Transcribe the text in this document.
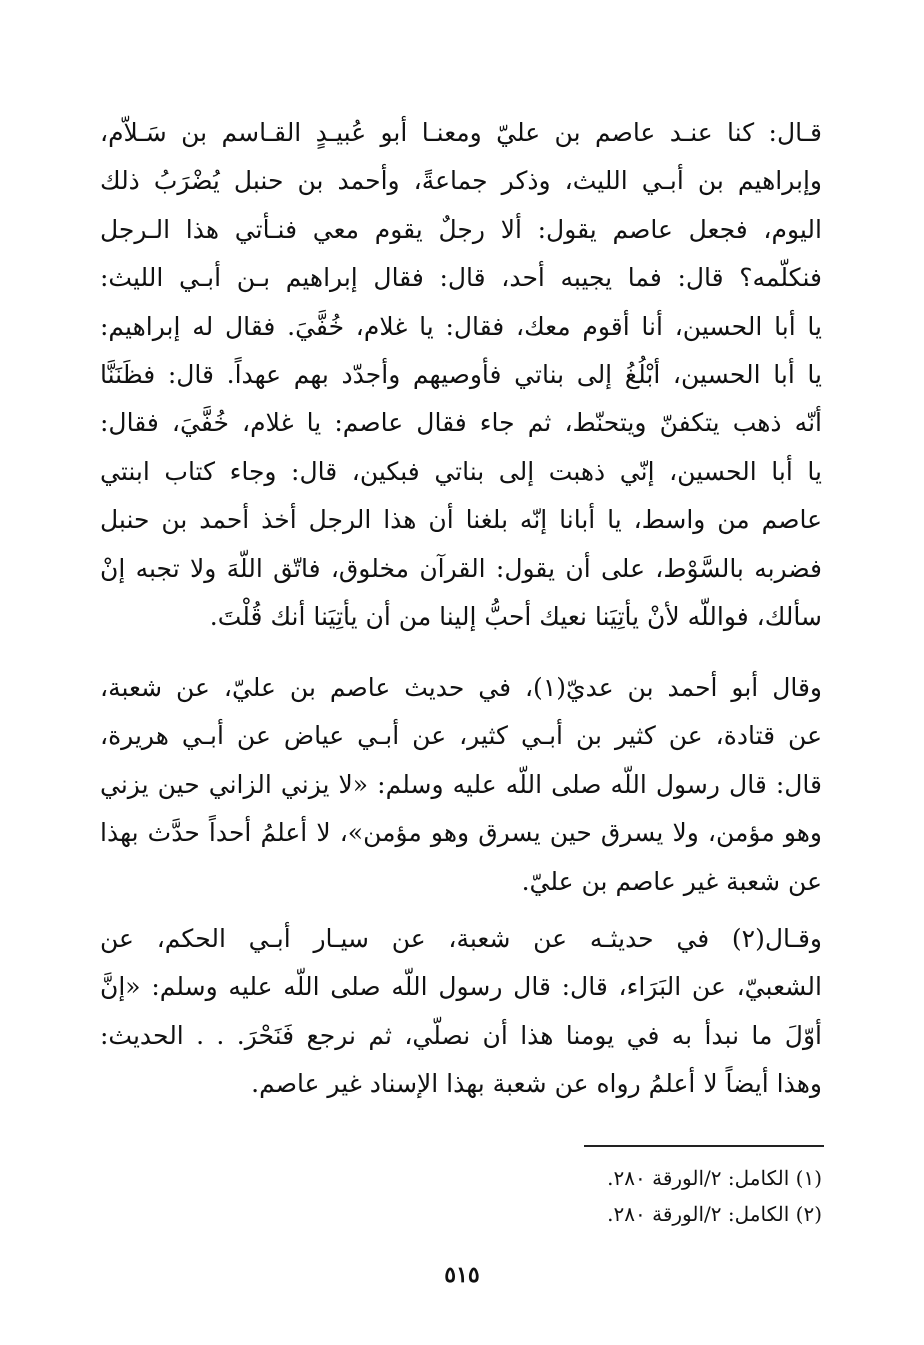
قـال: كنا عنـد عاصم بن عليّ ومعنـا أبو عُبيـدٍ القـاسم بن سَـلاّم،
وإبراهيم بن أبـي الليث، وذكر جماعةً، وأحمد بن حنبل يُضْرَبُ ذلك
اليوم، فجعل عاصم يقول: ألا رجلٌ يقوم معي فنـأتي هذا الـرجل
فنكلّمه؟ قال: فما يجيبه أحد، قال: فقال إبراهيم بـن أبـي الليث:
يا أبا الحسين، أنا أقوم معك، فقال: يا غلام، خُفَّيَ. فقال له إبراهيم:
يا أبا الحسين، أبْلُغُ إلى بناتي فأوصيهم وأجدّد بهم عهداً. قال: فظَنَنَّا
أنّه ذهب يتكفنّ ويتحنّط، ثم جاء فقال عاصم: يا غلام، خُفَّيَ، فقال:
يا أبا الحسين، إنّي ذهبت إلى بناتي فبكين، قال: وجاء كتاب ابنتي
عاصم من واسط، يا أبانا إنّه بلغنا أن هذا الرجل أخذ أحمد بن حنبل
فضربه بالسَّوْط، على أن يقول: القرآن مخلوق، فاتّق اللّهَ ولا تجبه إنْ
سألك، فواللّه لأنْ يأتِيَنا نعيك أحبُّ إلينا من أن يأتِيَنا أنك قُلْتَ.
وقال أبو أحمد بن عديّ(١)، في حديث عاصم بن عليّ، عن شعبة،
عن قتادة، عن كثير بن أبـي كثير، عن أبـي عياض عن أبـي هريرة،
قال: قال رسول اللّه صلى اللّه عليه وسلم: «لا يزني الزاني حين يزني
وهو مؤمن، ولا يسرق حين يسرق وهو مؤمن»، لا أعلمُ أحداً حدَّث بهذا
عن شعبة غير عاصم بن عليّ.
وقـال(٢) في حديثـه عن شعبة، عن سيـار أبـي الحكم، عن
الشعبيّ، عن البَرَاء، قال: قال رسول اللّه صلى اللّه عليه وسلم: «إنَّ
أوّلَ ما نبدأ به في يومنا هذا أن نصلّي، ثم نرجع فَنَحْرَ. . . الحديث:
وهذا أيضاً لا أعلمُ رواه عن شعبة بهذا الإسناد غير عاصم.
(١) الكامل: ٢/الورقة ٢٨٠.
(٢) الكامل: ٢/الورقة ٢٨٠.
٥١٥
